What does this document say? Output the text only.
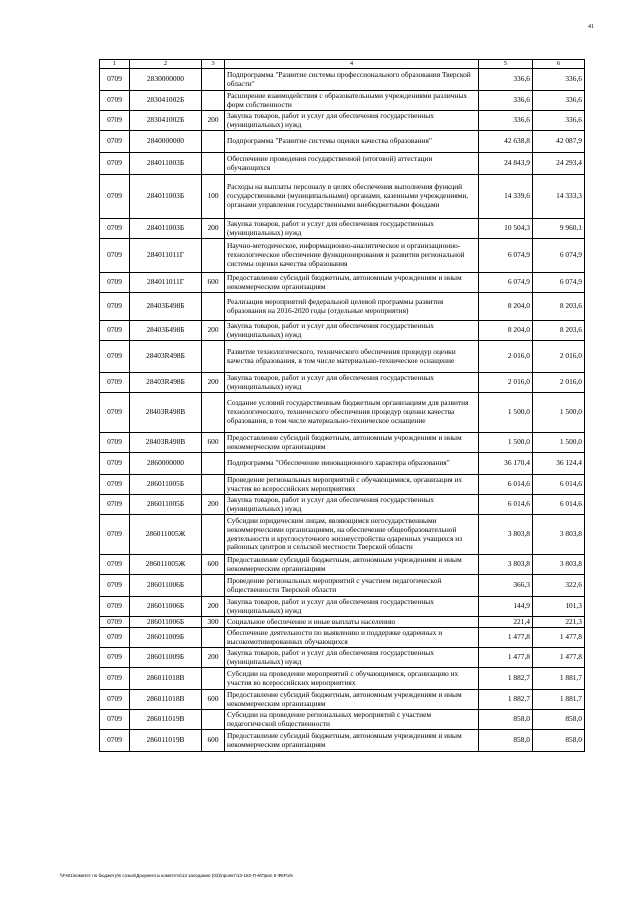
41
1	2	3	4	5	6
0709	2830000000		Подпрограмма "Развитие системы профессионального образования Тверской области"	336,6	336,6
0709	283041002Б		Расширение взаимодействия с образовательными учреждениями различных форм собственности	336,6	336,6
0709	283041002Б	200	Закупка товаров, работ и услуг для обеспечения государственных (муниципальных) нужд	336,6	336,6
0709	2840000000		Подпрограмма "Развитие системы оценки качества образования"	42 638,8	42 087,9
0709	284011003Б		Обеспечение проведения государственной (итоговой) аттестации обучающихся	24 843,9	24 293,4
0709	284011003Б	100	Расходы на выплаты персоналу в целях обеспечения выполнения функций государственными (муниципальными) органами, казенными учреждениями, органами управления государственными внебюджетными фондами	14 339,6	14 333,3
0709	284011003Б	200	Закупка товаров, работ и услуг для обеспечения государственных (муниципальных) нужд	10 504,3	9 960,1
0709	284011011Г		Научно-методическое, информационно-аналитическое и организационно-технологическое обеспечение функционирования и развития региональной системы оценки качества образования	6 074,9	6 074,9
0709	284011011Г	600	Предоставление субсидий бюджетным, автономным учреждениям и иным некоммерческим организациям	6 074,9	6 074,9
0709	28403Б498Б		Реализация мероприятий федеральной целевой программы развития образования на 2016-2020 годы (отдельные мероприятия)	8 204,0	8 203,6
0709	28403Б498Б	200	Закупка товаров, работ и услуг для обеспечения государственных (муниципальных) нужд	8 204,0	8 203,6
0709	28403R498Б		Развитие технологического, технического обеспечения процедур оценки качества образования, в том числе материально-техническое оснащение	2 016,0	2 016,0
0709	28403R498Б	200	Закупка товаров, работ и услуг для обеспечения государственных (муниципальных) нужд	2 016,0	2 016,0
0709	28403R498В		Создание условий государственным бюджетным организациям для развития технологического, технического обеспечения процедур оценки качества образования, в том числе материально-техническое оснащение	1 500,0	1 500,0
0709	28403R498В	600	Предоставление субсидий бюджетным, автономным учреждениям и иным некоммерческим организациям	1 500,0	1 500,0
0709	2860000000		Подпрограмма "Обеспечение инновационного характера образования"	36 170,4	36 124,4
0709	286011005Б		Проведение региональных мероприятий с обучающимися, организация их участия во всероссийских мероприятиях	6 014,6	6 014,6
0709	286011005Б	200	Закупка товаров, работ и услуг для обеспечения государственных (муниципальных) нужд	6 014,6	6 014,6
0709	286011005Ж		Субсидии юридическим лицам, являющимся негосударственными некоммерческими организациями, на обеспечение общеобразовательной деятельности и круглосуточного жизнеустройства одаренных учащихся из районных центров и сельской местности Тверской области	3 803,8	3 803,8
0709	286011005Ж	600	Предоставление субсидий бюджетным, автономным учреждениям и иным некоммерческим организациям	3 803,8	3 803,8
0709	286011006Б		Проведение региональных мероприятий с участием педагогической общественности Тверской области	366,3	322,6
0709	286011006Б	200	Закупка товаров, работ и услуг для обеспечения государственных (муниципальных) нужд	144,9	101,3
0709	286011006Б	300	Социальное обеспечение и иные выплаты населению	221,4	221,3
0709	286011009Б		Обеспечение деятельности по выявлению и поддержке одаренных и высокомотивированных обучающихся	1 477,8	1 477,8
0709	286011009Б	200	Закупка товаров, работ и услуг для обеспечения государственных (муниципальных) нужд	1 477,8	1 477,8
0709	286011018В		Субсидии на проведение мероприятий с обучающимися, организацию их участия во всероссийских мероприятиях	1 882,7	1 881,7
0709	286011018В	600	Предоставление субсидий бюджетным, автономным учреждениям и иным некоммерческим организациям	1 882,7	1 881,7
0709	286011019В		Субсидии на проведение региональных мероприятий с участием педагогической общественности	858,0	858,0
0709	286011019В	600	Предоставление субсидий бюджетным, автономным учреждениям и иным некоммерческим организациям	858,0	858,0
\\Fs01\комитет по бюджету\6 созыв\Документы комитета\13 заседание (03)\проект\13-182-П-6\Прил 5 ФКР.xls
